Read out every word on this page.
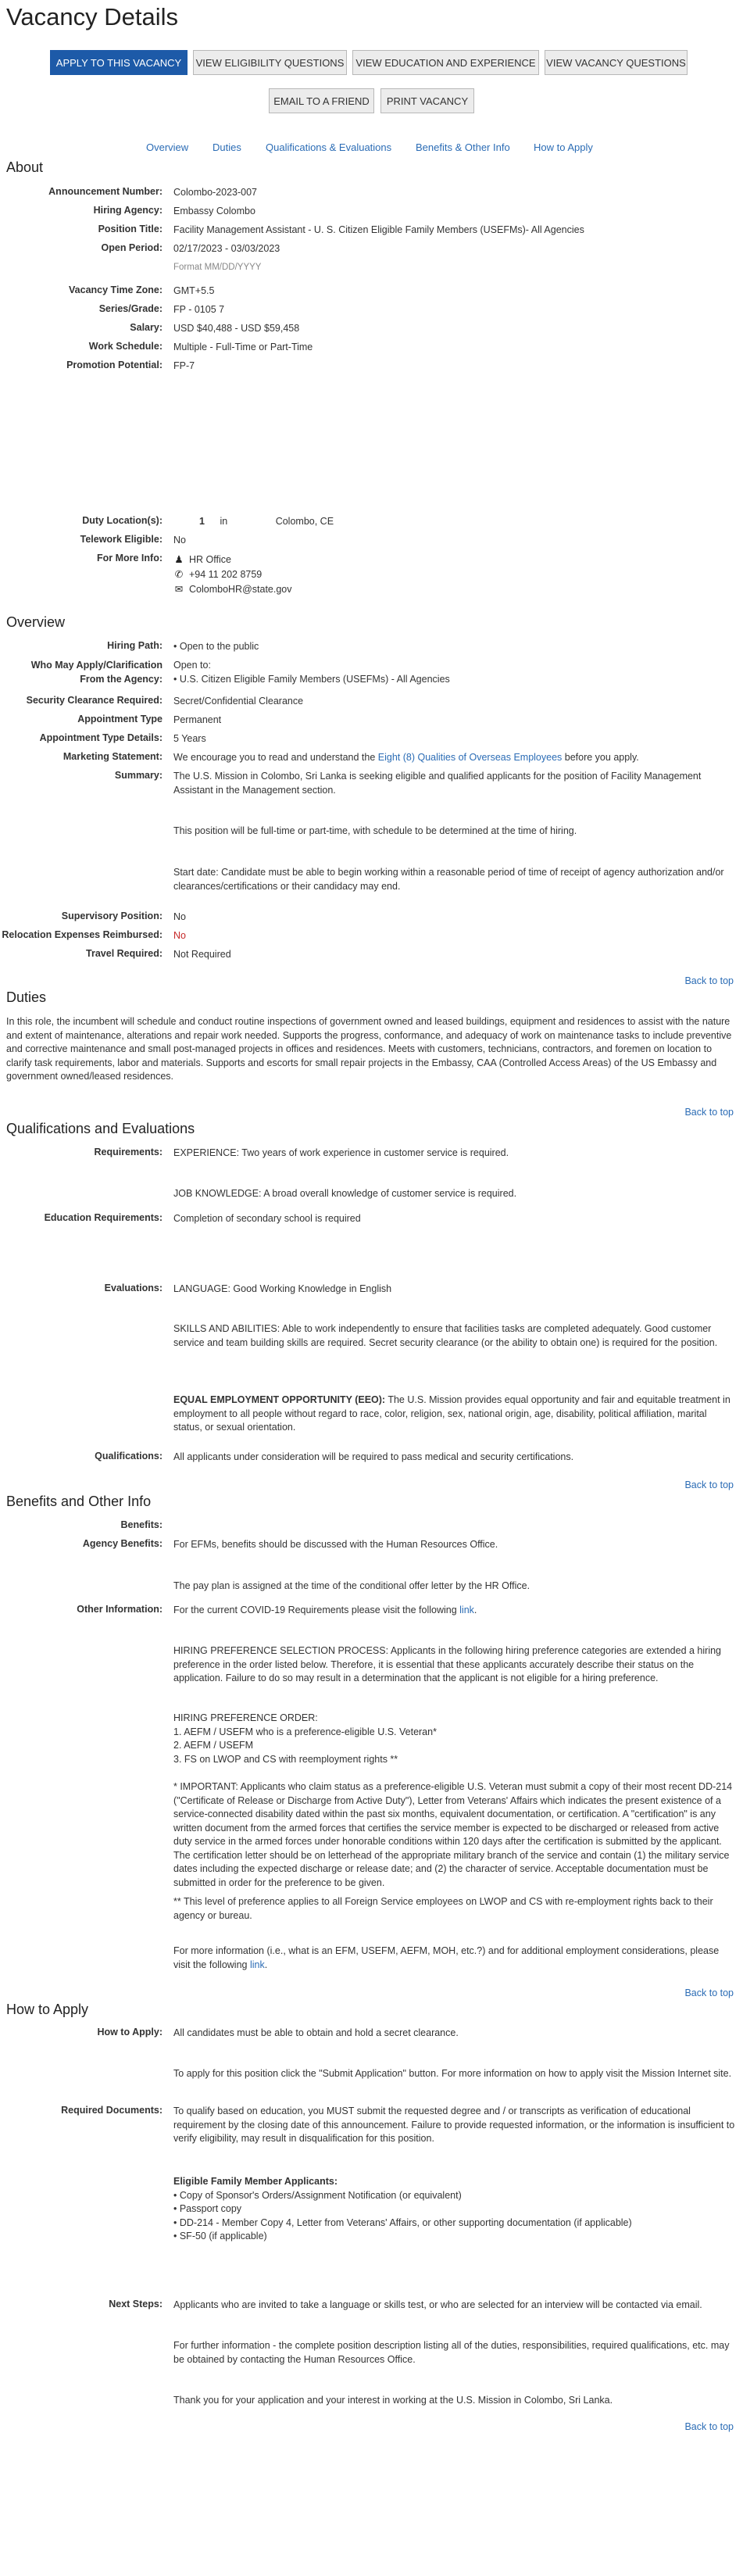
Vacancy Details
APPLY TO THIS VACANCY	VIEW ELIGIBILITY QUESTIONS	VIEW EDUCATION AND EXPERIENCE	VIEW VACANCY QUESTIONS
EMAIL TO A FRIEND	PRINT VACANCY
Overview Duties Qualifications & Evaluations Benefits & Other Info How to Apply
About
Announcement Number: Colombo-2023-007
Hiring Agency: Embassy Colombo
Position Title: Facility Management Assistant - U. S. Citizen Eligible Family Members (USEFMs)- All Agencies
Open Period: 02/17/2023 - 03/03/2023
Format MM/DD/YYYY
Vacancy Time Zone: GMT+5.5
Series/Grade: FP - 0105 7
Salary: USD $40,488 - USD $59,458
Work Schedule: Multiple - Full-Time or Part-Time
Promotion Potential: FP-7
Duty Location(s):	1 in	Colombo, CE
Telework Eligible: No
For More Info: ♟ HR Office
✆ +94 11 202 8759
✉ ColomboHR@state.gov
Overview
Hiring Path: • Open to the public
Who May Apply/Clarification From the Agency:
Open to:
• U.S. Citizen Eligible Family Members (USEFMs) - All Agencies
Security Clearance Required: Secret/Confidential Clearance
Appointment Type Permanent
Appointment Type Details: 5 Years
Marketing Statement: We encourage you to read and understand the Eight (8) Qualities of Overseas Employees before you apply.
Summary: The U.S. Mission in Colombo, Sri Lanka is seeking eligible and qualified applicants for the position of Facility Management Assistant in the Management section.
This position will be full-time or part-time, with schedule to be determined at the time of hiring.
Start date: Candidate must be able to begin working within a reasonable period of time of receipt of agency authorization and/or clearances/certifications or their candidacy may end.
Supervisory Position: No
Relocation Expenses Reimbursed: No
Travel Required: Not Required
Back to top
Duties
In this role, the incumbent will schedule and conduct routine inspections of government owned and leased buildings, equipment and residences to assist with the nature and extent of maintenance, alterations and repair work needed. Supports the progress, conformance, and adequacy of work on maintenance tasks to include preventive and corrective maintenance and small post-managed projects in offices and residences. Meets with customers, technicians, contractors, and foremen on location to clarify task requirements, labor and materials. Supports and escorts for small repair projects in the Embassy, CAA (Controlled Access Areas) of the US Embassy and government owned/leased residences.
Back to top
Qualifications and Evaluations
Requirements: EXPERIENCE: Two years of work experience in customer service is required.
JOB KNOWLEDGE: A broad overall knowledge of customer service is required.
Education Requirements: Completion of secondary school is required
Evaluations: LANGUAGE: Good Working Knowledge in English
SKILLS AND ABILITIES: Able to work independently to ensure that facilities tasks are completed adequately. Good customer service and team building skills are required. Secret security clearance (or the ability to obtain one) is required for the position.
EQUAL EMPLOYMENT OPPORTUNITY (EEO): The U.S. Mission provides equal opportunity and fair and equitable treatment in employment to all people without regard to race, color, religion, sex, national origin, age, disability, political affiliation, marital status, or sexual orientation.
Qualifications: All applicants under consideration will be required to pass medical and security certifications.
Back to top
Benefits and Other Info
Benefits:
Agency Benefits: For EFMs, benefits should be discussed with the Human Resources Office.
The pay plan is assigned at the time of the conditional offer letter by the HR Office.
Other Information: For the current COVID-19 Requirements please visit the following link.
HIRING PREFERENCE SELECTION PROCESS: Applicants in the following hiring preference categories are extended a hiring preference in the order listed below. Therefore, it is essential that these applicants accurately describe their status on the application. Failure to do so may result in a determination that the applicant is not eligible for a hiring preference.
HIRING PREFERENCE ORDER:
1. AEFM / USEFM who is a preference-eligible U.S. Veteran*
2. AEFM / USEFM
3. FS on LWOP and CS with reemployment rights **
* IMPORTANT: Applicants who claim status as a preference-eligible U.S. Veteran must submit a copy of their most recent DD-214 ("Certificate of Release or Discharge from Active Duty"), Letter from Veterans' Affairs which indicates the present existence of a service-connected disability dated within the past six months, equivalent documentation, or certification. A "certification" is any written document from the armed forces that certifies the service member is expected to be discharged or released from active duty service in the armed forces under honorable conditions within 120 days after the certification is submitted by the applicant. The certification letter should be on letterhead of the appropriate military branch of the service and contain (1) the military service dates including the expected discharge or release date; and (2) the character of service. Acceptable documentation must be submitted in order for the preference to be given.
** This level of preference applies to all Foreign Service employees on LWOP and CS with re-employment rights back to their agency or bureau.
For more information (i.e., what is an EFM, USEFM, AEFM, MOH, etc.?) and for additional employment considerations, please visit the following link.
Back to top
How to Apply
How to Apply: All candidates must be able to obtain and hold a secret clearance.
To apply for this position click the "Submit Application" button. For more information on how to apply visit the Mission Internet site.
Required Documents: To qualify based on education, you MUST submit the requested degree and / or transcripts as verification of educational requirement by the closing date of this announcement. Failure to provide requested information, or the information is insufficient to verify eligibility, may result in disqualification for this position.
Eligible Family Member Applicants:
• Copy of Sponsor's Orders/Assignment Notification (or equivalent)
• Passport copy
• DD-214 - Member Copy 4, Letter from Veterans' Affairs, or other supporting documentation (if applicable)
• SF-50 (if applicable)
Next Steps: Applicants who are invited to take a language or skills test, or who are selected for an interview will be contacted via email.
For further information - the complete position description listing all of the duties, responsibilities, required qualifications, etc. may be obtained by contacting the Human Resources Office.
Thank you for your application and your interest in working at the U.S. Mission in Colombo, Sri Lanka.
Back to top
